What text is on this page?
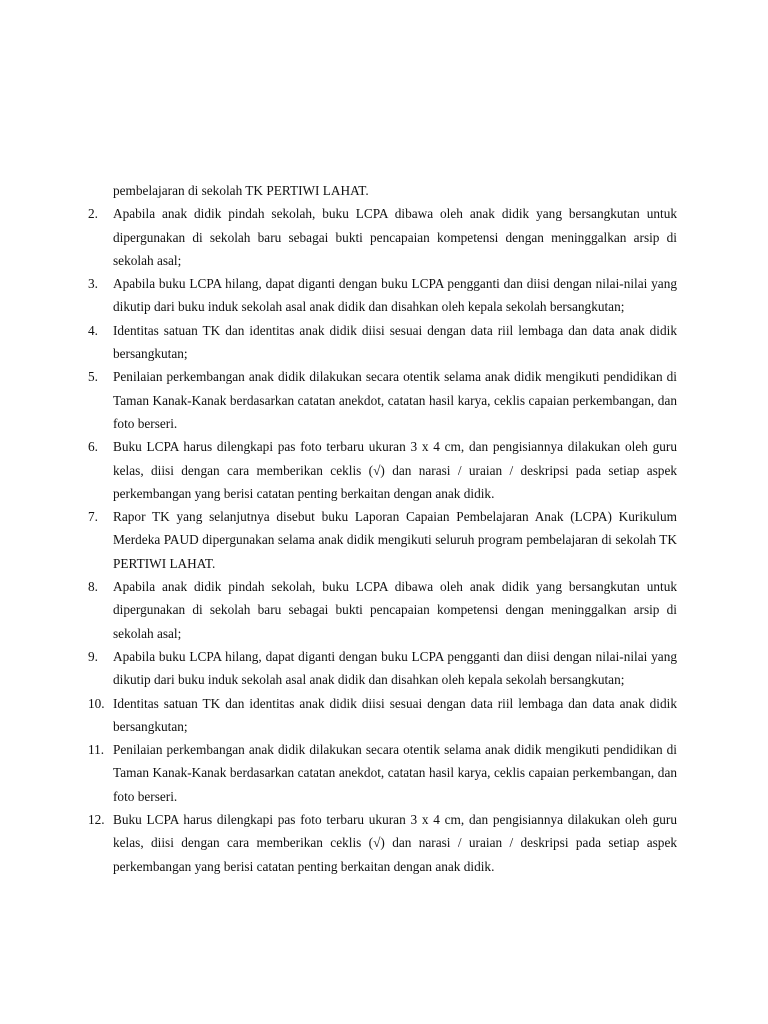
pembelajaran di sekolah TK PERTIWI LAHAT.
2.	Apabila anak didik pindah sekolah, buku LCPA dibawa oleh anak didik yang bersangkutan untuk dipergunakan di sekolah baru sebagai bukti pencapaian kompetensi dengan meninggalkan arsip di sekolah asal;
3.	Apabila buku LCPA hilang, dapat diganti dengan buku LCPA pengganti dan diisi dengan nilai-nilai yang dikutip dari buku induk sekolah asal anak didik dan disahkan oleh kepala sekolah bersangkutan;
4.	Identitas satuan TK dan identitas anak didik diisi sesuai dengan data riil lembaga dan data anak didik bersangkutan;
5.	Penilaian perkembangan anak didik dilakukan secara otentik selama anak didik mengikuti pendidikan di Taman Kanak-Kanak berdasarkan catatan anekdot, catatan hasil karya, ceklis capaian perkembangan, dan foto berseri.
6.	Buku LCPA harus dilengkapi pas foto terbaru ukuran 3 x 4 cm, dan pengisiannya dilakukan oleh guru kelas, diisi dengan cara memberikan ceklis (√) dan narasi / uraian / deskripsi pada setiap aspek perkembangan yang berisi catatan penting berkaitan dengan anak didik.
7.	Rapor TK yang selanjutnya disebut buku Laporan Capaian Pembelajaran Anak (LCPA) Kurikulum Merdeka PAUD dipergunakan selama anak didik mengikuti seluruh program pembelajaran di sekolah TK PERTIWI LAHAT.
8.	Apabila anak didik pindah sekolah, buku LCPA dibawa oleh anak didik yang bersangkutan untuk dipergunakan di sekolah baru sebagai bukti pencapaian kompetensi dengan meninggalkan arsip di sekolah asal;
9.	Apabila buku LCPA hilang, dapat diganti dengan buku LCPA pengganti dan diisi dengan nilai-nilai yang dikutip dari buku induk sekolah asal anak didik dan disahkan oleh kepala sekolah bersangkutan;
10. Identitas satuan TK dan identitas anak didik diisi sesuai dengan data riil lembaga dan data anak didik bersangkutan;
11. Penilaian perkembangan anak didik dilakukan secara otentik selama anak didik mengikuti pendidikan di Taman Kanak-Kanak berdasarkan catatan anekdot, catatan hasil karya, ceklis capaian perkembangan, dan foto berseri.
12. Buku LCPA harus dilengkapi pas foto terbaru ukuran 3 x 4 cm, dan pengisiannya dilakukan oleh guru kelas, diisi dengan cara memberikan ceklis (√) dan narasi / uraian / deskripsi pada setiap aspek perkembangan yang berisi catatan penting berkaitan dengan anak didik.
